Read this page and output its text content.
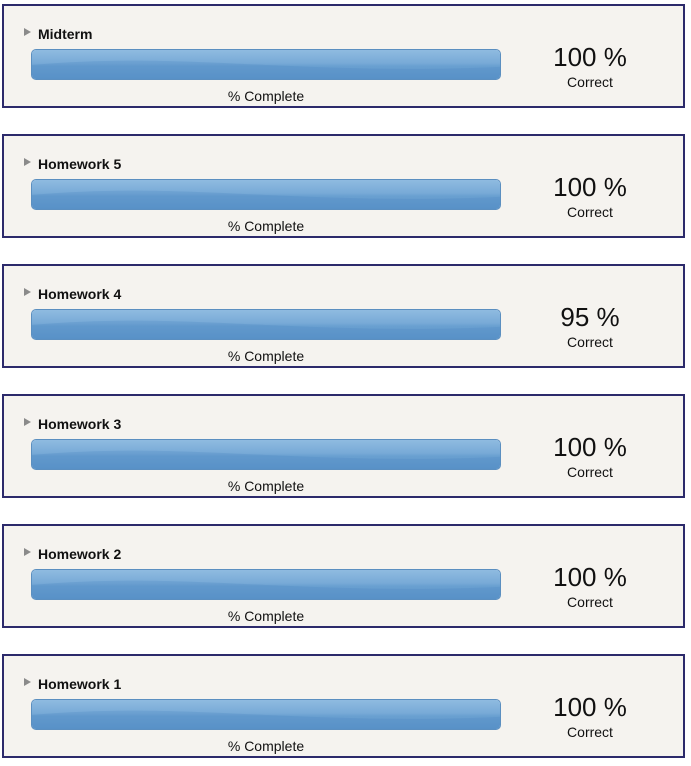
Midterm
% Complete
100 %
Correct
Homework 5
% Complete
100 %
Correct
Homework 4
% Complete
95 %
Correct
Homework 3
% Complete
100 %
Correct
Homework 2
% Complete
100 %
Correct
Homework 1
% Complete
100 %
Correct
